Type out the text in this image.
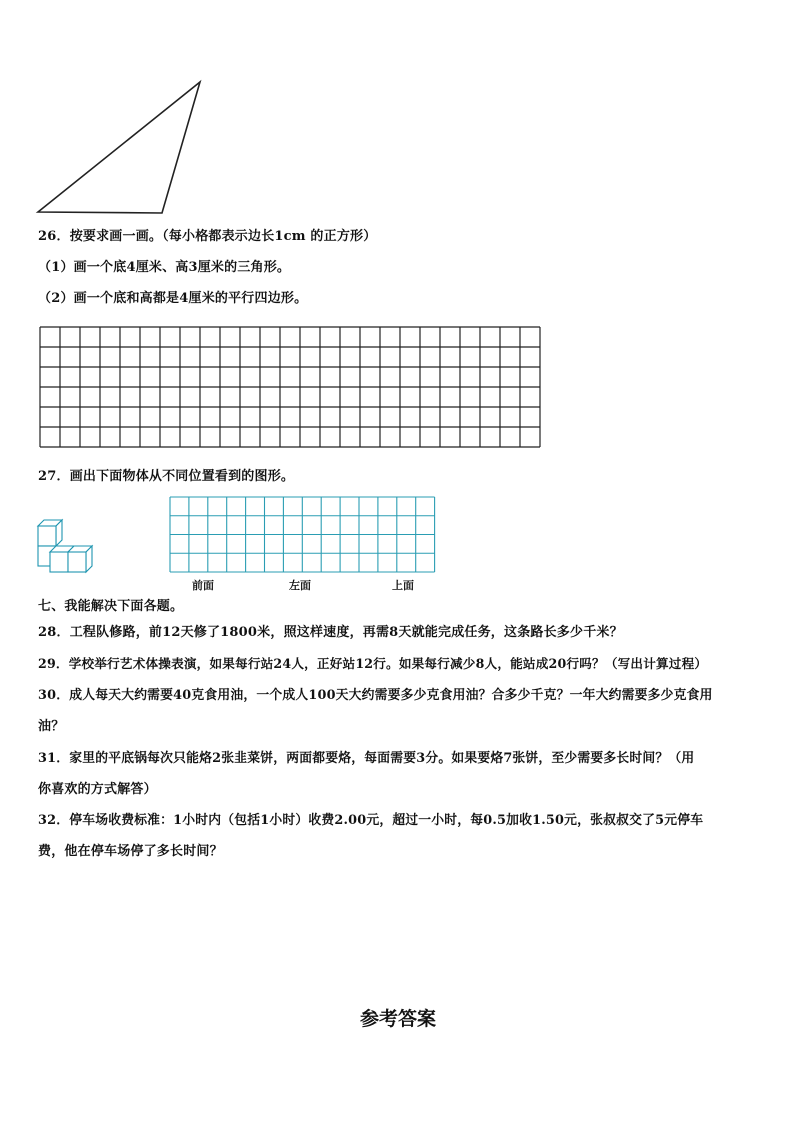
26．按要求画一画。（每小格都表示边长1cm 的正方形）
（1）画一个底4厘米、高3厘米的三角形。
（2）画一个底和高都是4厘米的平行四边形。
27．画出下面物体从不同位置看到的图形。
前面	左面	上面
七、我能解决下面各题。
28．工程队修路，前12天修了1800米，照这样速度，再需8天就能完成任务，这条路长多少千米？
29．学校举行艺术体操表演，如果每行站24人，正好站12行。如果每行减少8人，能站成20行吗？（写出计算过程）
30．成人每天大约需要40克食用油，一个成人100天大约需要多少克食用油？合多少千克？一年大约需要多少克食用
油？
31．家里的平底锅每次只能烙2张韭菜饼，两面都要烙，每面需要3分。如果要烙7张饼，至少需要多长时间？（用
你喜欢的方式解答）
32．停车场收费标准：1小时内（包括1小时）收费2.00元，超过一小时，每0.5加收1.50元，张叔叔交了5元停车
费，他在停车场停了多长时间？
参考答案
